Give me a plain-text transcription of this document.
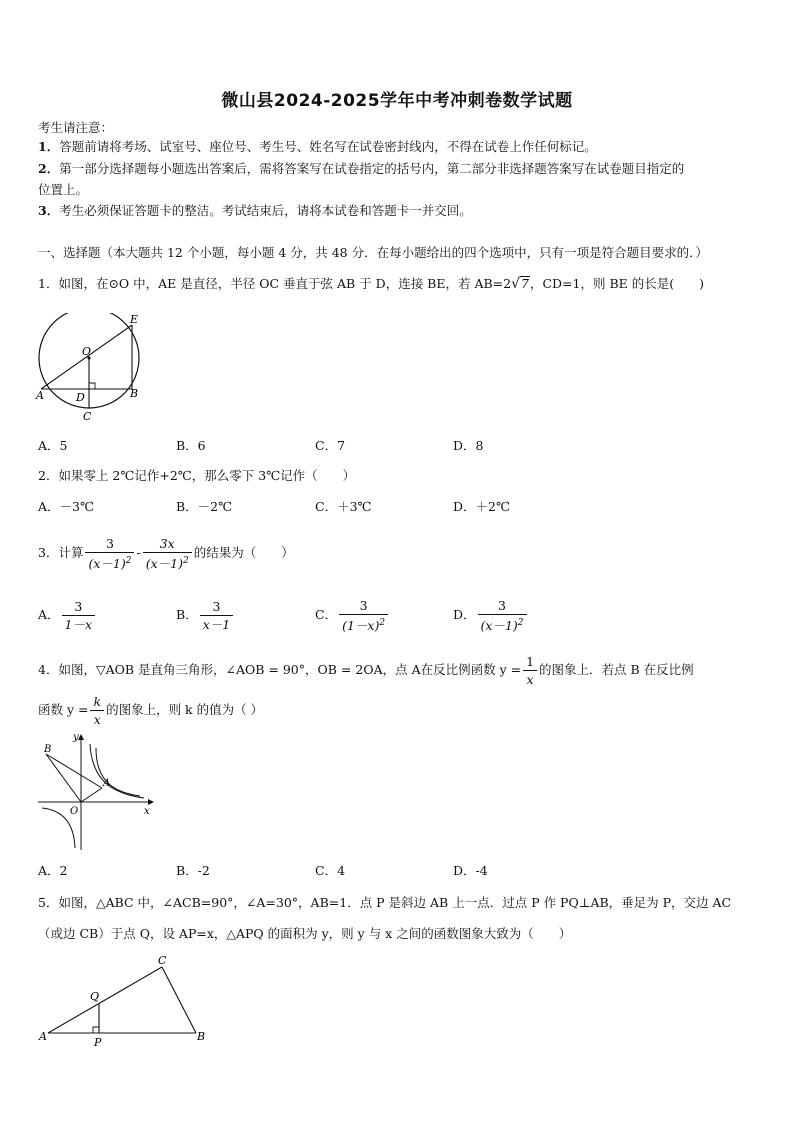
微山县2024-2025学年中考冲刺卷数学试题
考生请注意：
1．答题前请将考场、试室号、座位号、考生号、姓名写在试卷密封线内，不得在试卷上作任何标记。
2．第一部分选择题每小题选出答案后，需将答案写在试卷指定的括号内，第二部分非选择题答案写在试卷题目指定的
位置上。
3．考生必须保证答题卡的整洁。考试结束后，请将本试卷和答题卡一并交回。
一、选择题（本大题共 12 个小题，每小题 4 分，共 48 分．在每小题给出的四个选项中，只有一项是符合题目要求的．）
1．如图，在⊙O 中，AE 是直径，半径 OC 垂直于弦 AB 于 D，连接 BE，若 AB=2√7，CD=1，则 BE 的长是(　　)
E
O
A	D	B
C
A．5	B．6	C．7	D．8
2．如果零上 2℃记作+2℃，那么零下 3℃记作（　　）
A．－3℃	B．－2℃	C．＋3℃	D．＋2℃
3．计算 $\frac{3}{(x-1)^2} - \frac{3x}{(x-1)^2}$ 的结果为（　　）
A． $\frac{3}{1-x}$	B． $\frac{3}{x-1}$	C． $\frac{3}{(1-x)^2}$	D． $\frac{3}{(x-1)^2}$
4．如图，▽AOB 是直角三角形，∠AOB = 90°，OB = 2OA，点 A在反比例函数 $y = \frac{1}{x}$ 的图象上．若点 B 在反比例
函数 $y = \frac{k}{x}$ 的图象上，则 k 的值为（ ）
B
y
A
O	x
A．2	B．-2	C．4	D．-4
5．如图，△ABC 中，∠ACB=90°，∠A=30°，AB=1．点 P 是斜边 AB 上一点．过点 P 作 PQ⊥AB，垂足为 P，交边 AC
（或边 CB）于点 Q，设 AP=x，△APQ 的面积为 y，则 y 与 x 之间的函数图象大致为（　　）
C
Q
A	P	B
